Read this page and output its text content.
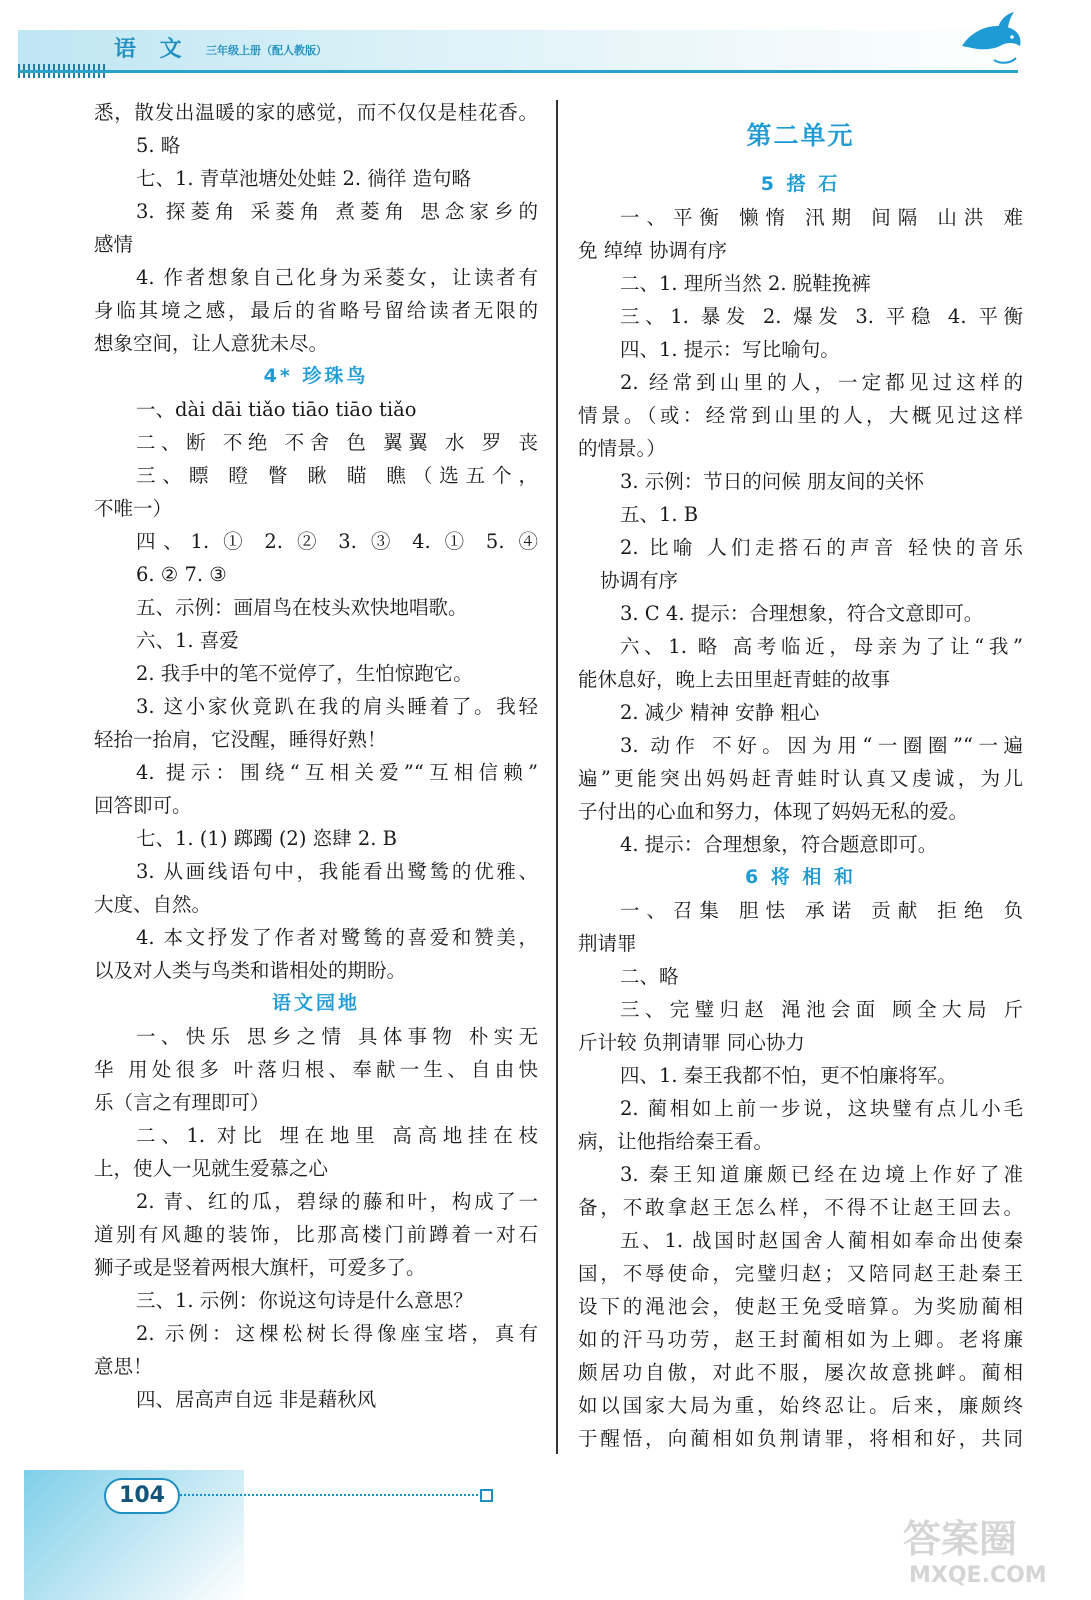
语 文 三年级上册（配人教版）
悉，散发出温暖的家的感觉，而不仅仅是桂花香。
5. 略
七、1. 青草池塘处处蛙 2. 徜徉 造句略
3. 探菱角 采菱角 煮菱角 思念家乡的
感情
4. 作者想象自己化身为采菱女，让读者有
身临其境之感，最后的省略号留给读者无限的
想象空间，让人意犹未尽。
4* 珍珠鸟
一、dài dāi tiǎo tiāo tiāo tiǎo
二、断 不绝 不舍 色 翼翼 水 罗 丧
三、瞟 瞪 瞥 瞅 瞄 瞧（选五个，
不唯一）
四、1. ① 2. ② 3. ③ 4. ① 5. ④
6. ② 7. ③
五、示例：画眉鸟在枝头欢快地唱歌。
六、1. 喜爱
2. 我手中的笔不觉停了，生怕惊跑它。
3. 这小家伙竟趴在我的肩头睡着了。我轻
轻抬一抬肩，它没醒，睡得好熟！
4. 提示：围绕“互相关爱”“互相信赖”
回答即可。
七、1. (1) 踯躅 (2) 恣肆 2. B
3. 从画线语句中，我能看出鹭鸶的优雅、
大度、自然。
4. 本文抒发了作者对鹭鸶的喜爱和赞美，
以及对人类与鸟类和谐相处的期盼。
语文园地
一、快乐 思乡之情 具体事物 朴实无
华 用处很多 叶落归根、奉献一生、自由快
乐（言之有理即可）
二、1. 对比 埋在地里 高高地挂在枝
上，使人一见就生爱慕之心
2. 青、红的瓜，碧绿的藤和叶，构成了一
道别有风趣的装饰，比那高楼门前蹲着一对石
狮子或是竖着两根大旗杆，可爱多了。
三、1. 示例：你说这句诗是什么意思？
2. 示例：这棵松树长得像座宝塔，真有
意思！
四、居高声自远 非是藉秋风
第二单元
5 搭 石
一、平衡 懒惰 汛期 间隔 山洪 难
免 绰绰 协调有序
二、1. 理所当然 2. 脱鞋挽裤
三、1. 暴发 2. 爆发 3. 平稳 4. 平衡
四、1. 提示：写比喻句。
2. 经常到山里的人，一定都见过这样的
情景。（或：经常到山里的人，大概见过这样
的情景。）
3. 示例：节日的问候 朋友间的关怀
五、1. B
2. 比喻 人们走搭石的声音 轻快的音乐
协调有序
3. C 4. 提示：合理想象，符合文意即可。
六、1. 略 高考临近，母亲为了让“我”
能休息好，晚上去田里赶青蛙的故事
2. 减少 精神 安静 粗心
3. 动作 不好。因为用“一圈圈”“一遍
遍”更能突出妈妈赶青蛙时认真又虔诚，为儿
子付出的心血和努力，体现了妈妈无私的爱。
4. 提示：合理想象，符合题意即可。
6 将 相 和
一、召集 胆怯 承诺 贡献 拒绝 负
荆请罪
二、略
三、完璧归赵 渑池会面 顾全大局 斤
斤计较 负荆请罪 同心协力
四、1. 秦王我都不怕，更不怕廉将军。
2. 蔺相如上前一步说，这块璧有点儿小毛
病，让他指给秦王看。
3. 秦王知道廉颇已经在边境上作好了准
备，不敢拿赵王怎么样，不得不让赵王回去。
五、1. 战国时赵国舍人蔺相如奉命出使秦
国，不辱使命，完璧归赵；又陪同赵王赴秦王
设下的渑池会，使赵王免受暗算。为奖励蔺相
如的汗马功劳，赵王封蔺相如为上卿。老将廉
颇居功自傲，对此不服，屡次故意挑衅。蔺相
如以国家大局为重，始终忍让。后来，廉颇终
于醒悟，向蔺相如负荆请罪，将相和好，共同
104
答案圈
MXQE.COM
